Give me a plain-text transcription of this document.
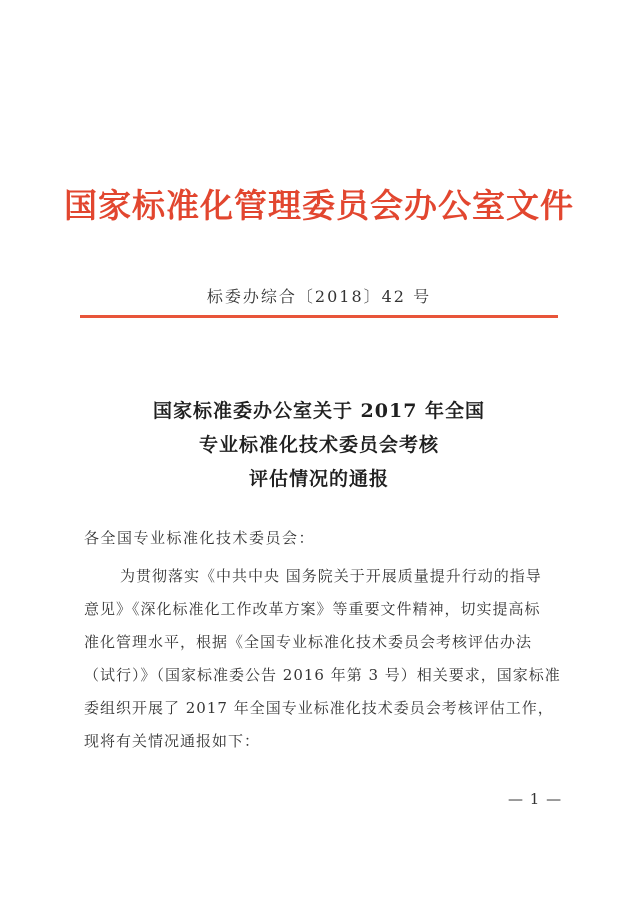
国家标准化管理委员会办公室文件
标委办综合〔2018〕42 号
国家标准委办公室关于 2017 年全国
专业标准化技术委员会考核
评估情况的通报
各全国专业标准化技术委员会：
为贯彻落实《中共中央 国务院关于开展质量提升行动的指导
意见》《深化标准化工作改革方案》等重要文件精神，切实提高标
准化管理水平，根据《全国专业标准化技术委员会考核评估办法
（试行）》（国家标准委公告 2016 年第 3 号）相关要求，国家标准
委组织开展了 2017 年全国专业标准化技术委员会考核评估工作，
现将有关情况通报如下：
— 1 —
